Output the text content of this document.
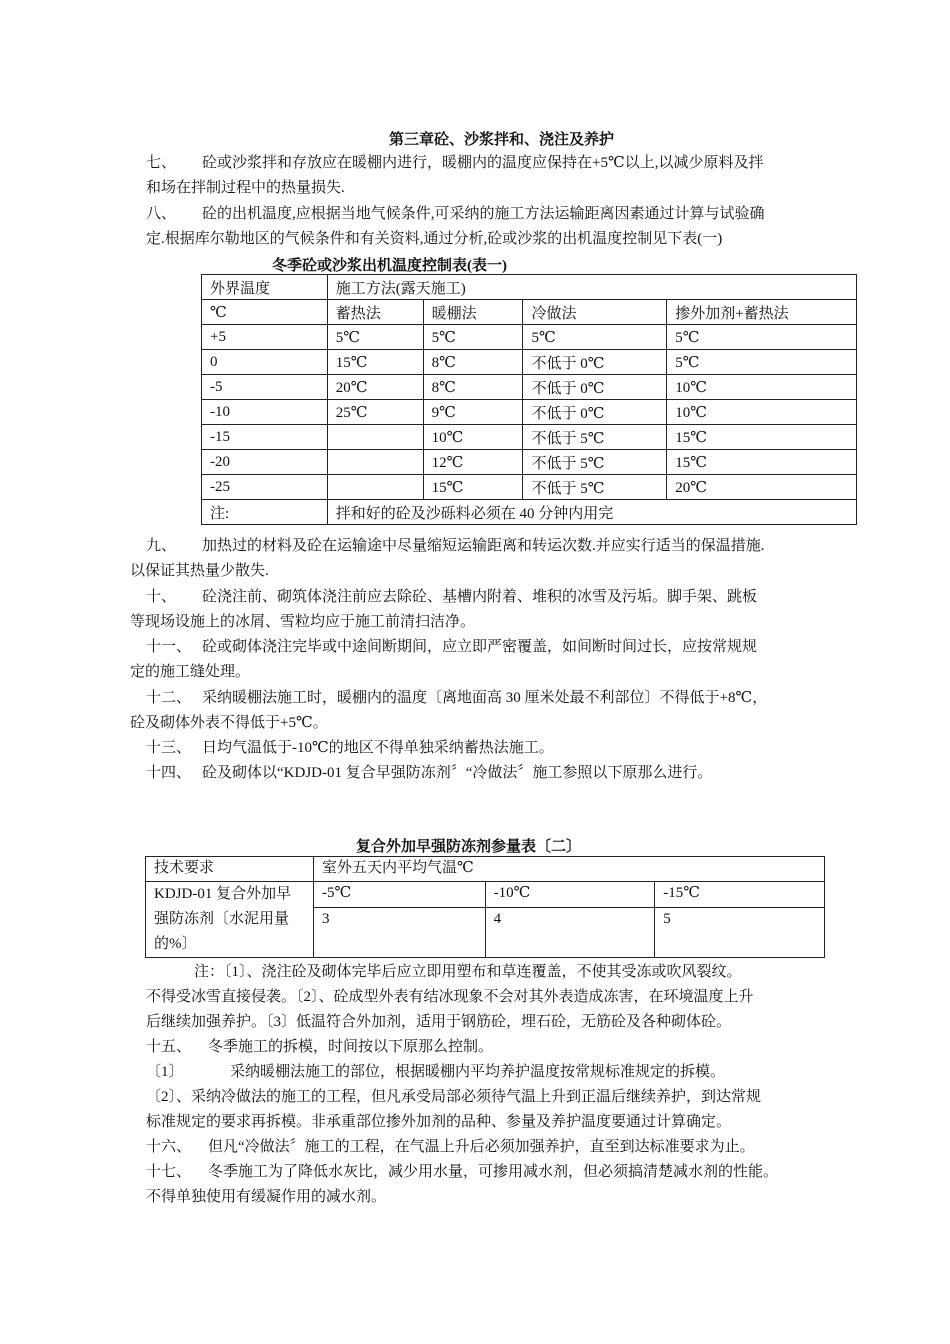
第三章砼、沙浆拌和、浇注及养护
七、 砼或沙浆拌和存放应在暖棚内进行，暖棚内的温度应保持在+5℃以上,以减少原料及拌
和场在拌制过程中的热量损失.
八、 砼的出机温度,应根据当地气候条件,可采纳的施工方法运输距离因素通过计算与试验确
定.根据库尔勒地区的气候条件和有关资料,通过分析,砼或沙浆的出机温度控制见下表(一)
冬季砼或沙浆出机温度控制表(表一)
外界温度	施工方法(露天施工)			
℃	蓄热法	暖棚法	冷做法	掺外加剂+蓄热法
+5	5℃	5℃	5℃	5℃
0	15℃	8℃	不低于 0℃	5℃
-5	20℃	8℃	不低于 0℃	10℃
-10	25℃	9℃	不低于 0℃	10℃
-15		10℃	不低于 5℃	15℃
-20		12℃	不低于 5℃	15℃
-25		15℃	不低于 5℃	20℃
注:	拌和好的砼及沙砾料必须在 40 分钟内用完			
九、 加热过的材料及砼在运输途中尽量缩短运输距离和转运次数.并应实行适当的保温措施.
以保证其热量少散失.
十、 砼浇注前、砌筑体浇注前应去除砼、基槽内附着、堆积的冰雪及污垢。脚手架、跳板
等现场设施上的冰屑、雪粒均应于施工前清扫洁净。
十一、 砼或砌体浇注完毕或中途间断期间，应立即严密覆盖，如间断时间过长，应按常规规
定的施工缝处理。
十二、 采纳暖棚法施工时，暖棚内的温度〔离地面高 30 厘米处最不利部位〕不得低于+8℃，
砼及砌体外表不得低于+5℃。
十三、 日均气温低于-10℃的地区不得单独采纳蓄热法施工。
十四、 砼及砌体以“KDJD-01 复合早强防冻剂〞“冷做法〞施工参照以下原那么进行。
复合外加早强防冻剂参量表〔二〕
技术要求	室外五天内平均气温℃		

KDJD-01 复合外加早
强防冻剂〔水泥用量
的%〕	-5℃	-10℃	-15℃
	3	4	5
注：〔1〕、浇注砼及砌体完毕后应立即用塑布和草连覆盖，不使其受冻或吹风裂纹。
不得受冰雪直接侵袭。〔2〕、砼成型外表有结冰现象不会对其外表造成冻害，在环境温度上升
后继续加强养护。〔3〕低温符合外加剂，适用于钢筋砼，埋石砼，无筋砼及各种砌体砼。
十五、 冬季施工的拆模，时间按以下原那么控制。
〔1〕	采纳暖棚法施工的部位，根据暖棚内平均养护温度按常规标准规定的拆模。
〔2〕、采纳冷做法的施工的工程，但凡承受局部必须待气温上升到正温后继续养护，到达常规
标准规定的要求再拆模。非承重部位掺外加剂的品种、参量及养护温度要通过计算确定。
十六、 但凡“冷做法〞施工的工程，在气温上升后必须加强养护，直至到达标准要求为止。
十七、 冬季施工为了降低水灰比，减少用水量，可掺用减水剂，但必须搞清楚减水剂的性能。
不得单独使用有缓凝作用的减水剂。
